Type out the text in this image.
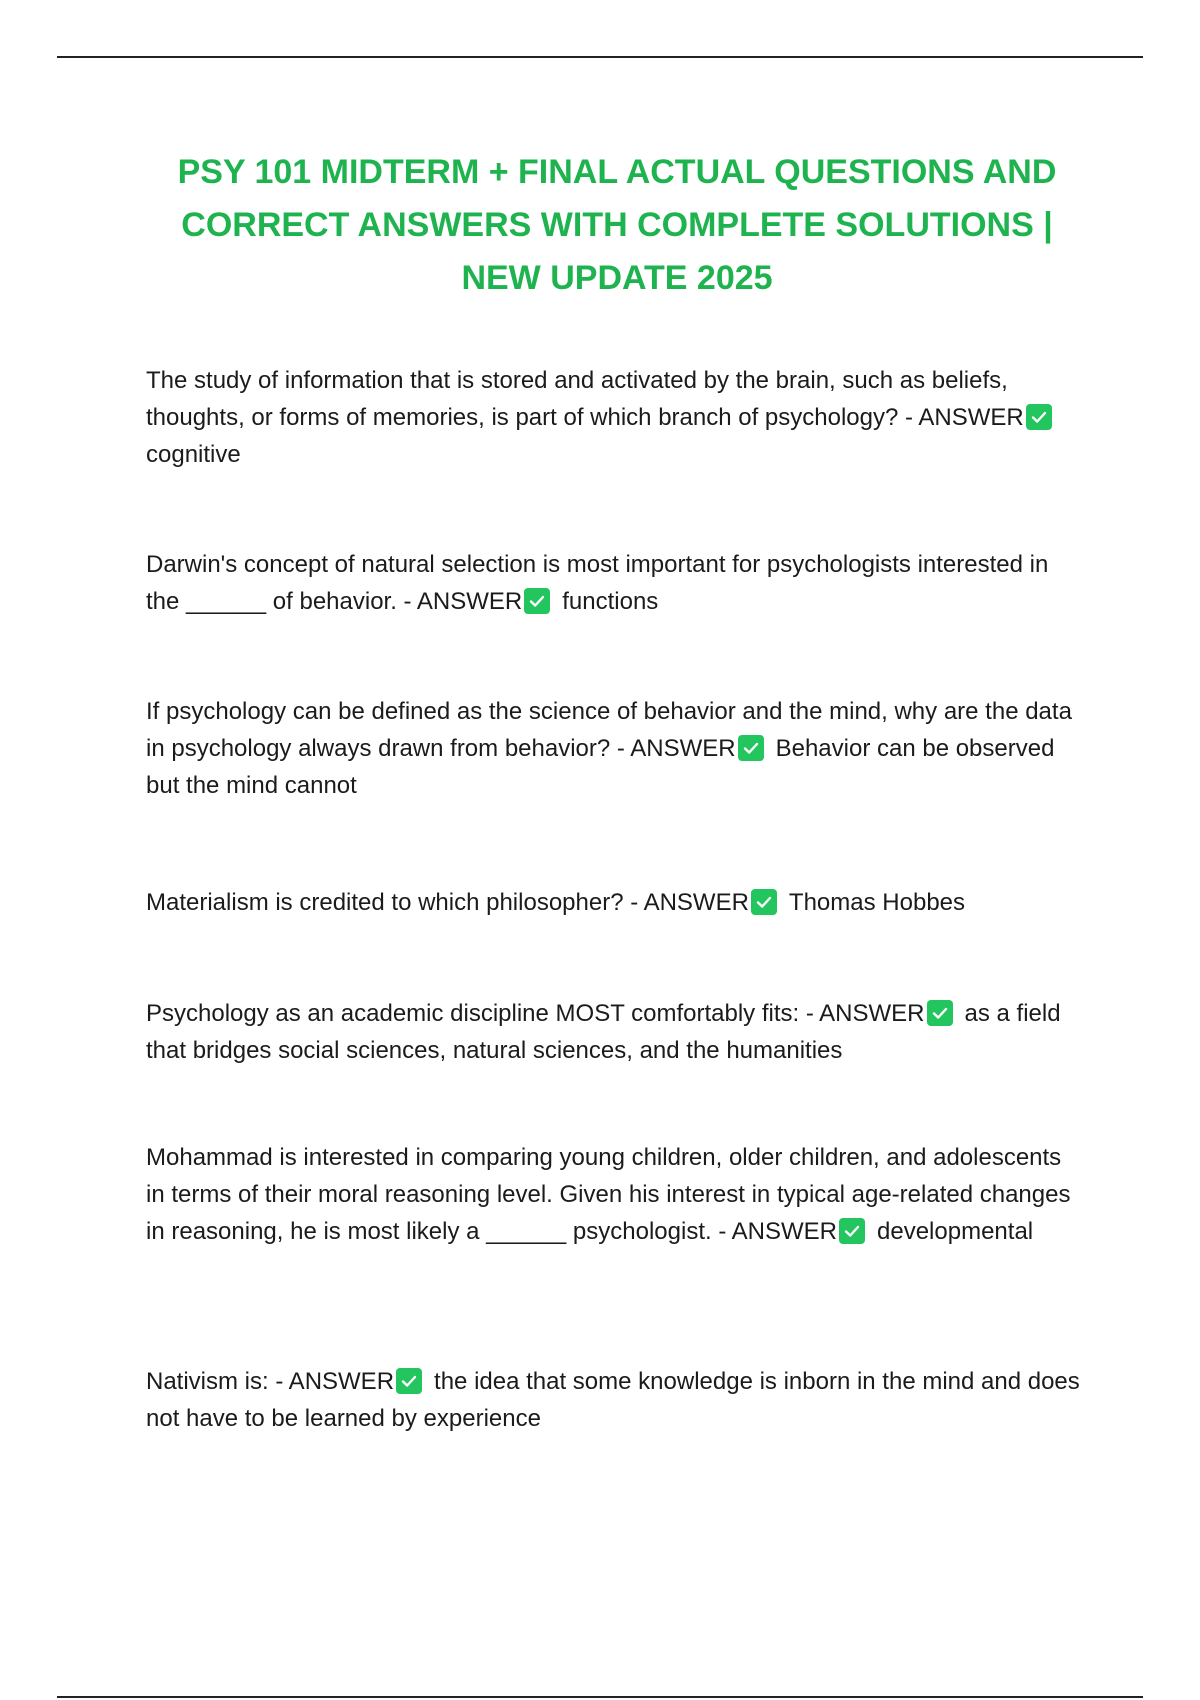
PSY 101 MIDTERM + FINAL ACTUAL QUESTIONS AND CORRECT ANSWERS WITH COMPLETE SOLUTIONS | NEW UPDATE 2025

The study of information that is stored and activated by the brain, such as beliefs, thoughts, or forms of memories, is part of which branch of psychology? - ANSWER
cognitive

Darwin's concept of natural selection is most important for psychologists interested in the ______ of behavior. - ANSWER functions

If psychology can be defined as the science of behavior and the mind, why are the data in psychology always drawn from behavior? - ANSWER Behavior can be observed but the mind cannot

Materialism is credited to which philosopher? - ANSWER Thomas Hobbes

Psychology as an academic discipline MOST comfortably fits: - ANSWER as a field that bridges social sciences, natural sciences, and the humanities

Mohammad is interested in comparing young children, older children, and adolescents in terms of their moral reasoning level. Given his interest in typical age-related changes in reasoning, he is most likely a ______ psychologist. - ANSWER developmental

Nativism is: - ANSWER the idea that some knowledge is inborn in the mind and does not have to be learned by experience
